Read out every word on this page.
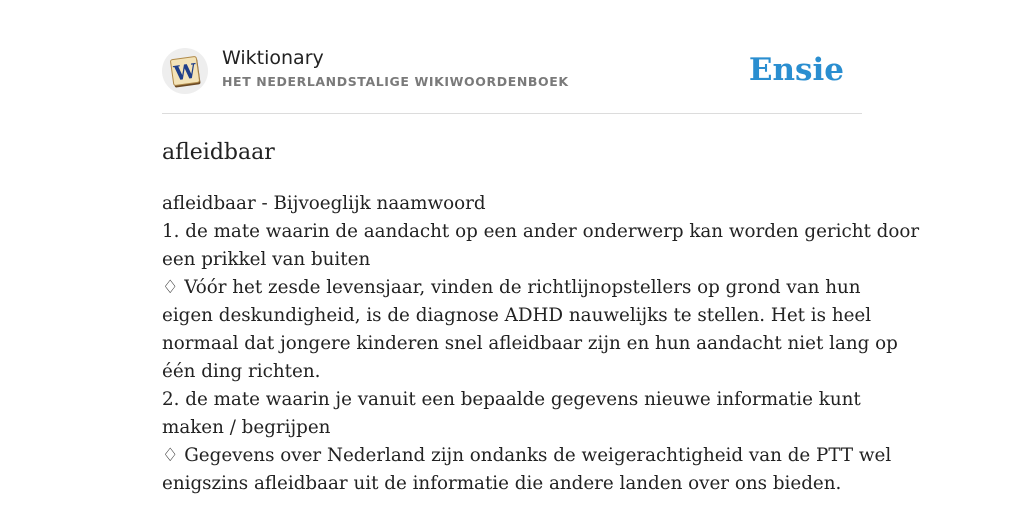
W
Wiktionary
HET NEDERLANDSTALIGE WIKIWOORDENBOEK	Ensie
afleidbaar
afleidbaar - Bijvoeglijk naamwoord
1. de mate waarin de aandacht op een ander onderwerp kan worden gericht door
een prikkel van buiten
♢ Vóór het zesde levensjaar, vinden de richtlijnopstellers op grond van hun
eigen deskundigheid, is de diagnose ADHD nauwelijks te stellen. Het is heel
normaal dat jongere kinderen snel afleidbaar zijn en hun aandacht niet lang op
één ding richten.
2. de mate waarin je vanuit een bepaalde gegevens nieuwe informatie kunt
maken / begrijpen
♢ Gegevens over Nederland zijn ondanks de weigerachtigheid van de PTT wel
enigszins afleidbaar uit de informatie die andere landen over ons bieden.
